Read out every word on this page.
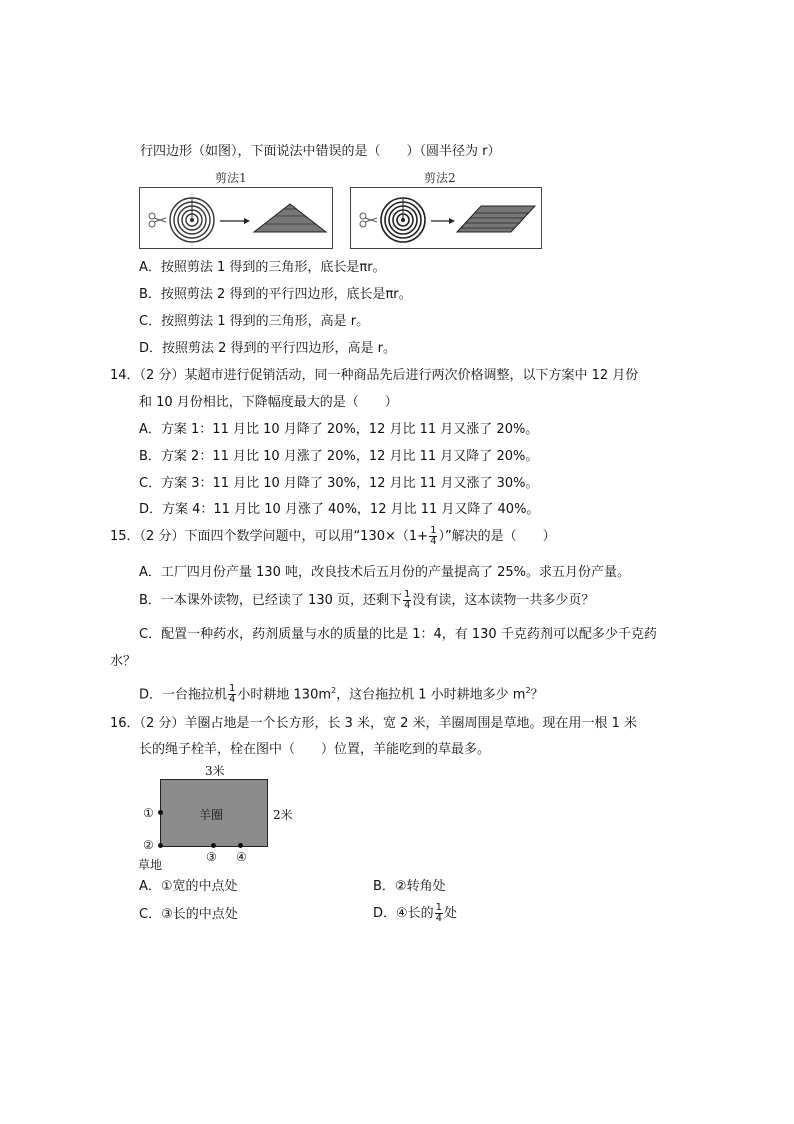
行四边形（如图），下面说法中错误的是（　　）（圆半径为 r）
剪法1	剪法2
A．按照剪法 1 得到的三角形，底长是πr。
B．按照剪法 2 得到的平行四边形，底长是πr。
C．按照剪法 1 得到的三角形，高是 r。
D．按照剪法 2 得到的平行四边形，高是 r。
14．（2 分）某超市进行促销活动，同一种商品先后进行两次价格调整，以下方案中 12 月份
和 10 月份相比，下降幅度最大的是（　　）
A．方案 1：11 月比 10 月降了 20%，12 月比 11 月又涨了 20%。
B．方案 2：11 月比 10 月涨了 20%，12 月比 11 月又降了 20%。
C．方案 3：11 月比 10 月降了 30%，12 月比 11 月又涨了 30%。
D．方案 4：11 月比 10 月涨了 40%，12 月比 11 月又降了 40%。
15．（2 分）下面四个数学问题中，可以用“$130\times(1+ \frac{1}{4}$ ）”解决的是（　　）
A．工厂四月份产量 130 吨，改良技术后五月份的产量提高了 25%。求五月份产量。
B．一本课外读物，已经读了 130 页，还剩下 $\frac{1}{4}$ 没有读，这本读物一共多少页？
C．配置一种药水，药剂质量与水的质量的比是 1：4，有 130 千克药剂可以配多少千克药
水？
D．一台拖拉机 $\frac{1}{4}$ 小时耕地 $130m^2$，这台拖拉机 1 小时耕地多少 $m^2$？
16．（2 分）羊圈占地是一个长方形，长 3 米，宽 2 米，羊圈周围是草地。现在用一根 1 米
长的绳子栓羊，栓在图中（　　）位置，羊能吃到的草最多。
3米
羊圈	2米
①
②
③ ④
草地
A．①宽的中点处	B．②转角处
C．③长的中点处	D．④长的 $\frac{1}{4}$ 处
